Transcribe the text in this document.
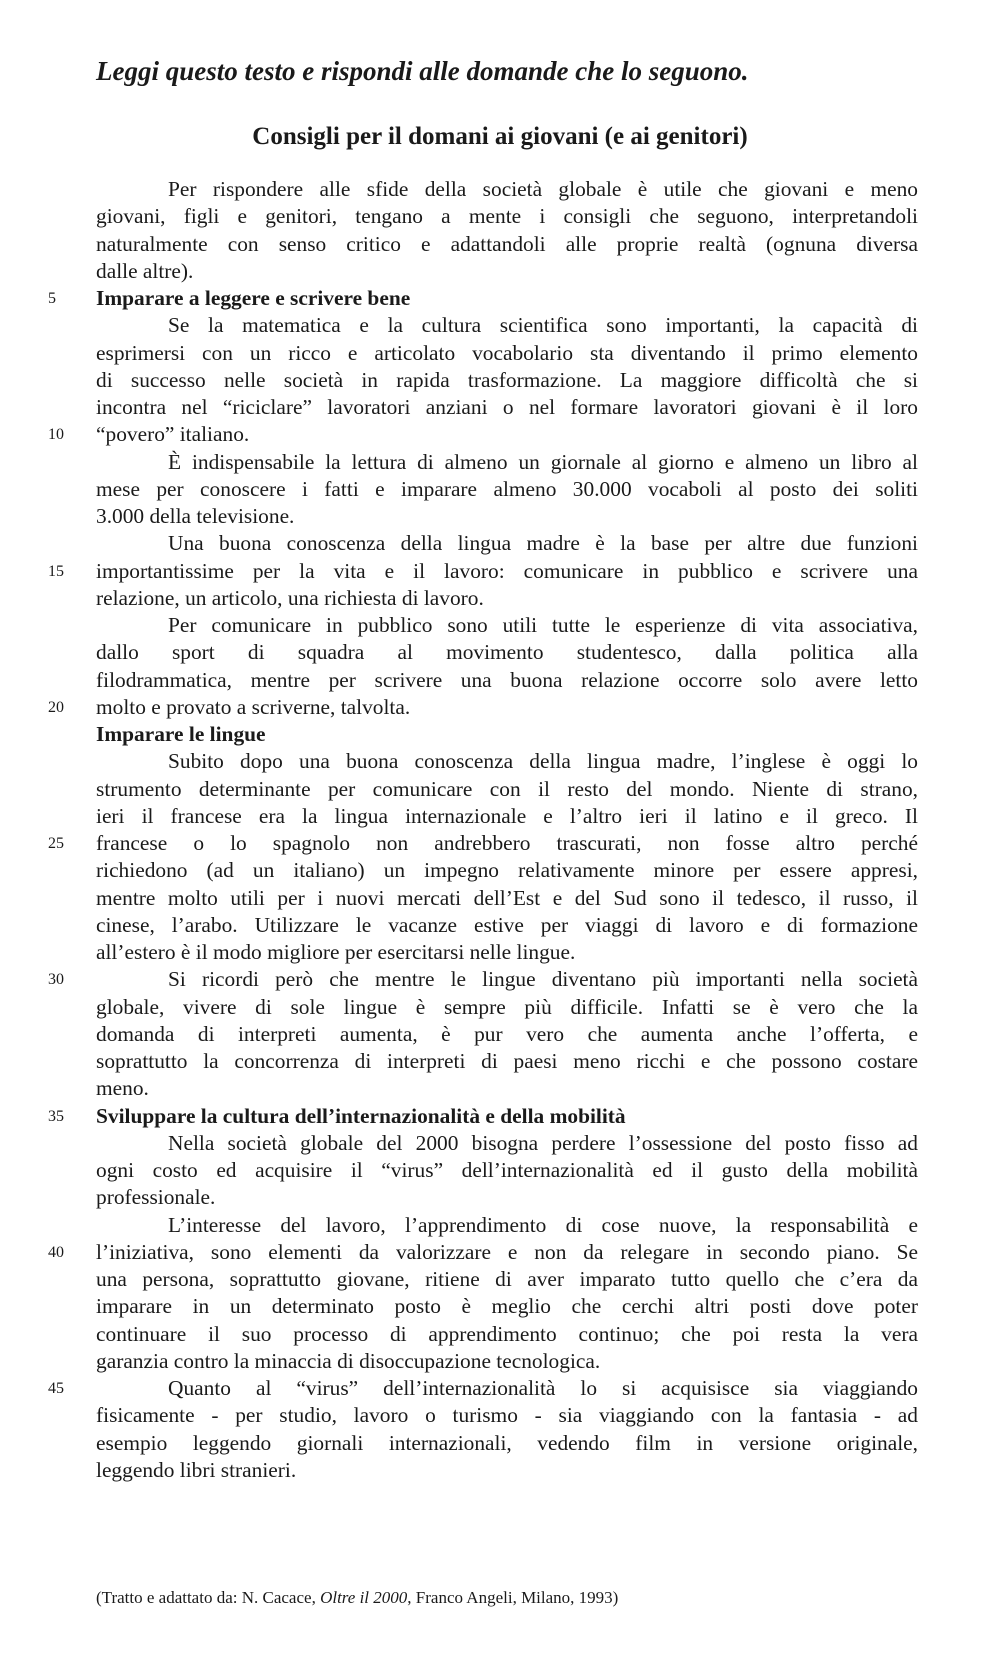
Leggi questo testo e rispondi alle domande che lo seguono.
Consigli per il domani ai giovani (e ai genitori)
Per rispondere alle sfide della società globale è utile che giovani e meno
giovani, figli e genitori, tengano a mente i consigli che seguono, interpretandoli
naturalmente con senso critico e adattandoli alle proprie realtà (ognuna diversa
dalle altre).
Imparare a leggere e scrivere bene
5
Se la matematica e la cultura scientifica sono importanti, la capacità di
esprimersi con un ricco e articolato vocabolario sta diventando il primo elemento
di successo nelle società in rapida trasformazione. La maggiore difficoltà che si
incontra nel “riciclare” lavoratori anziani o nel formare lavoratori giovani è il loro
“povero” italiano.
10
È indispensabile la lettura di almeno un giornale al giorno e almeno un libro al
mese per conoscere i fatti e imparare almeno 30.000 vocaboli al posto dei soliti
3.000 della televisione.
Una buona conoscenza della lingua madre è la base per altre due funzioni
importantissime per la vita e il lavoro: comunicare in pubblico e scrivere una
15
relazione, un articolo, una richiesta di lavoro.
Per comunicare in pubblico sono utili tutte le esperienze di vita associativa,
dallo sport di squadra al movimento studentesco, dalla politica alla
filodrammatica, mentre per scrivere una buona relazione occorre solo avere letto
molto e provato a scriverne, talvolta.
20
Imparare le lingue
Subito dopo una buona conoscenza della lingua madre, l’inglese è oggi lo
strumento determinante per comunicare con il resto del mondo. Niente di strano,
ieri il francese era la lingua internazionale e l’altro ieri il latino e il greco. Il
francese o lo spagnolo non andrebbero trascurati, non fosse altro perché
25
richiedono (ad un italiano) un impegno relativamente minore per essere appresi,
mentre molto utili per i nuovi mercati dell’Est e del Sud sono il tedesco, il russo, il
cinese, l’arabo. Utilizzare le vacanze estive per viaggi di lavoro e di formazione
all’estero è il modo migliore per esercitarsi nelle lingue.
Si ricordi però che mentre le lingue diventano più importanti nella società
30
globale, vivere di sole lingue è sempre più difficile. Infatti se è vero che la
domanda di interpreti aumenta, è pur vero che aumenta anche l’offerta, e
soprattutto la concorrenza di interpreti di paesi meno ricchi e che possono costare
meno.
Sviluppare la cultura dell’internazionalità e della mobilità
35
Nella società globale del 2000 bisogna perdere l’ossessione del posto fisso ad
ogni costo ed acquisire il “virus” dell’internazionalità ed il gusto della mobilità
professionale.
L’interesse del lavoro, l’apprendimento di cose nuove, la responsabilità e
l’iniziativa, sono elementi da valorizzare e non da relegare in secondo piano. Se
40
una persona, soprattutto giovane, ritiene di aver imparato tutto quello che c’era da
imparare in un determinato posto è meglio che cerchi altri posti dove poter
continuare il suo processo di apprendimento continuo; che poi resta la vera
garanzia contro la minaccia di disoccupazione tecnologica.
Quanto al “virus” dell’internazionalità lo si acquisisce sia viaggiando
45
fisicamente - per studio, lavoro o turismo - sia viaggiando con la fantasia - ad
esempio leggendo giornali internazionali, vedendo film in versione originale,
leggendo libri stranieri.
(Tratto e adattato da: N. Cacace, Oltre il 2000, Franco Angeli, Milano, 1993)
